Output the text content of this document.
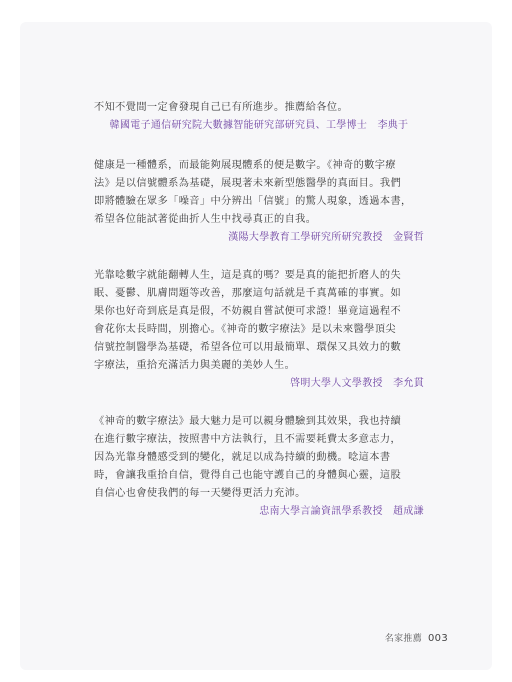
不知不覺間一定會發現自己已有所進步。推薦給各位。

韓國電子通信研究院大數據智能研究部研究員、工學博士　李典于

健康是一種體系，而最能夠展現體系的便是數字。《神奇的數字療

法》是以信號體系為基礎，展現著未來新型態醫學的真面目。我們

即將體驗在眾多「噪音」中分辨出「信號」的驚人現象，透過本書，

希望各位能試著從曲折人生中找尋真正的自我。

漢陽大學教育工學研究所研究教授　金賢哲

光靠唸數字就能翻轉人生，這是真的嗎？要是真的能把折磨人的失

眠、憂鬱、肌膚問題等改善，那麼這句話就是千真萬確的事實。如

果你也好奇到底是真是假，不妨親自嘗試便可求證！畢竟這過程不

會花你太長時間，別擔心。《神奇的數字療法》是以未來醫學頂尖

信號控制醫學為基礎，希望各位可以用最簡單、環保又具效力的數

字療法，重拾充滿活力與美麗的美妙人生。

啓明大學人文學教授　李允貫

《神奇的數字療法》最大魅力是可以親身體驗到其效果，我也持續

在進行數字療法，按照書中方法執行，且不需要耗費太多意志力，

因為光靠身體感受到的變化，就足以成為持續的動機。唸這本書

時，會讓我重拾自信，覺得自己也能守護自己的身體與心靈，這股

自信心也會使我們的每一天變得更活力充沛。

忠南大學言論資訊學系教授　趙成謙

名家推薦 003
